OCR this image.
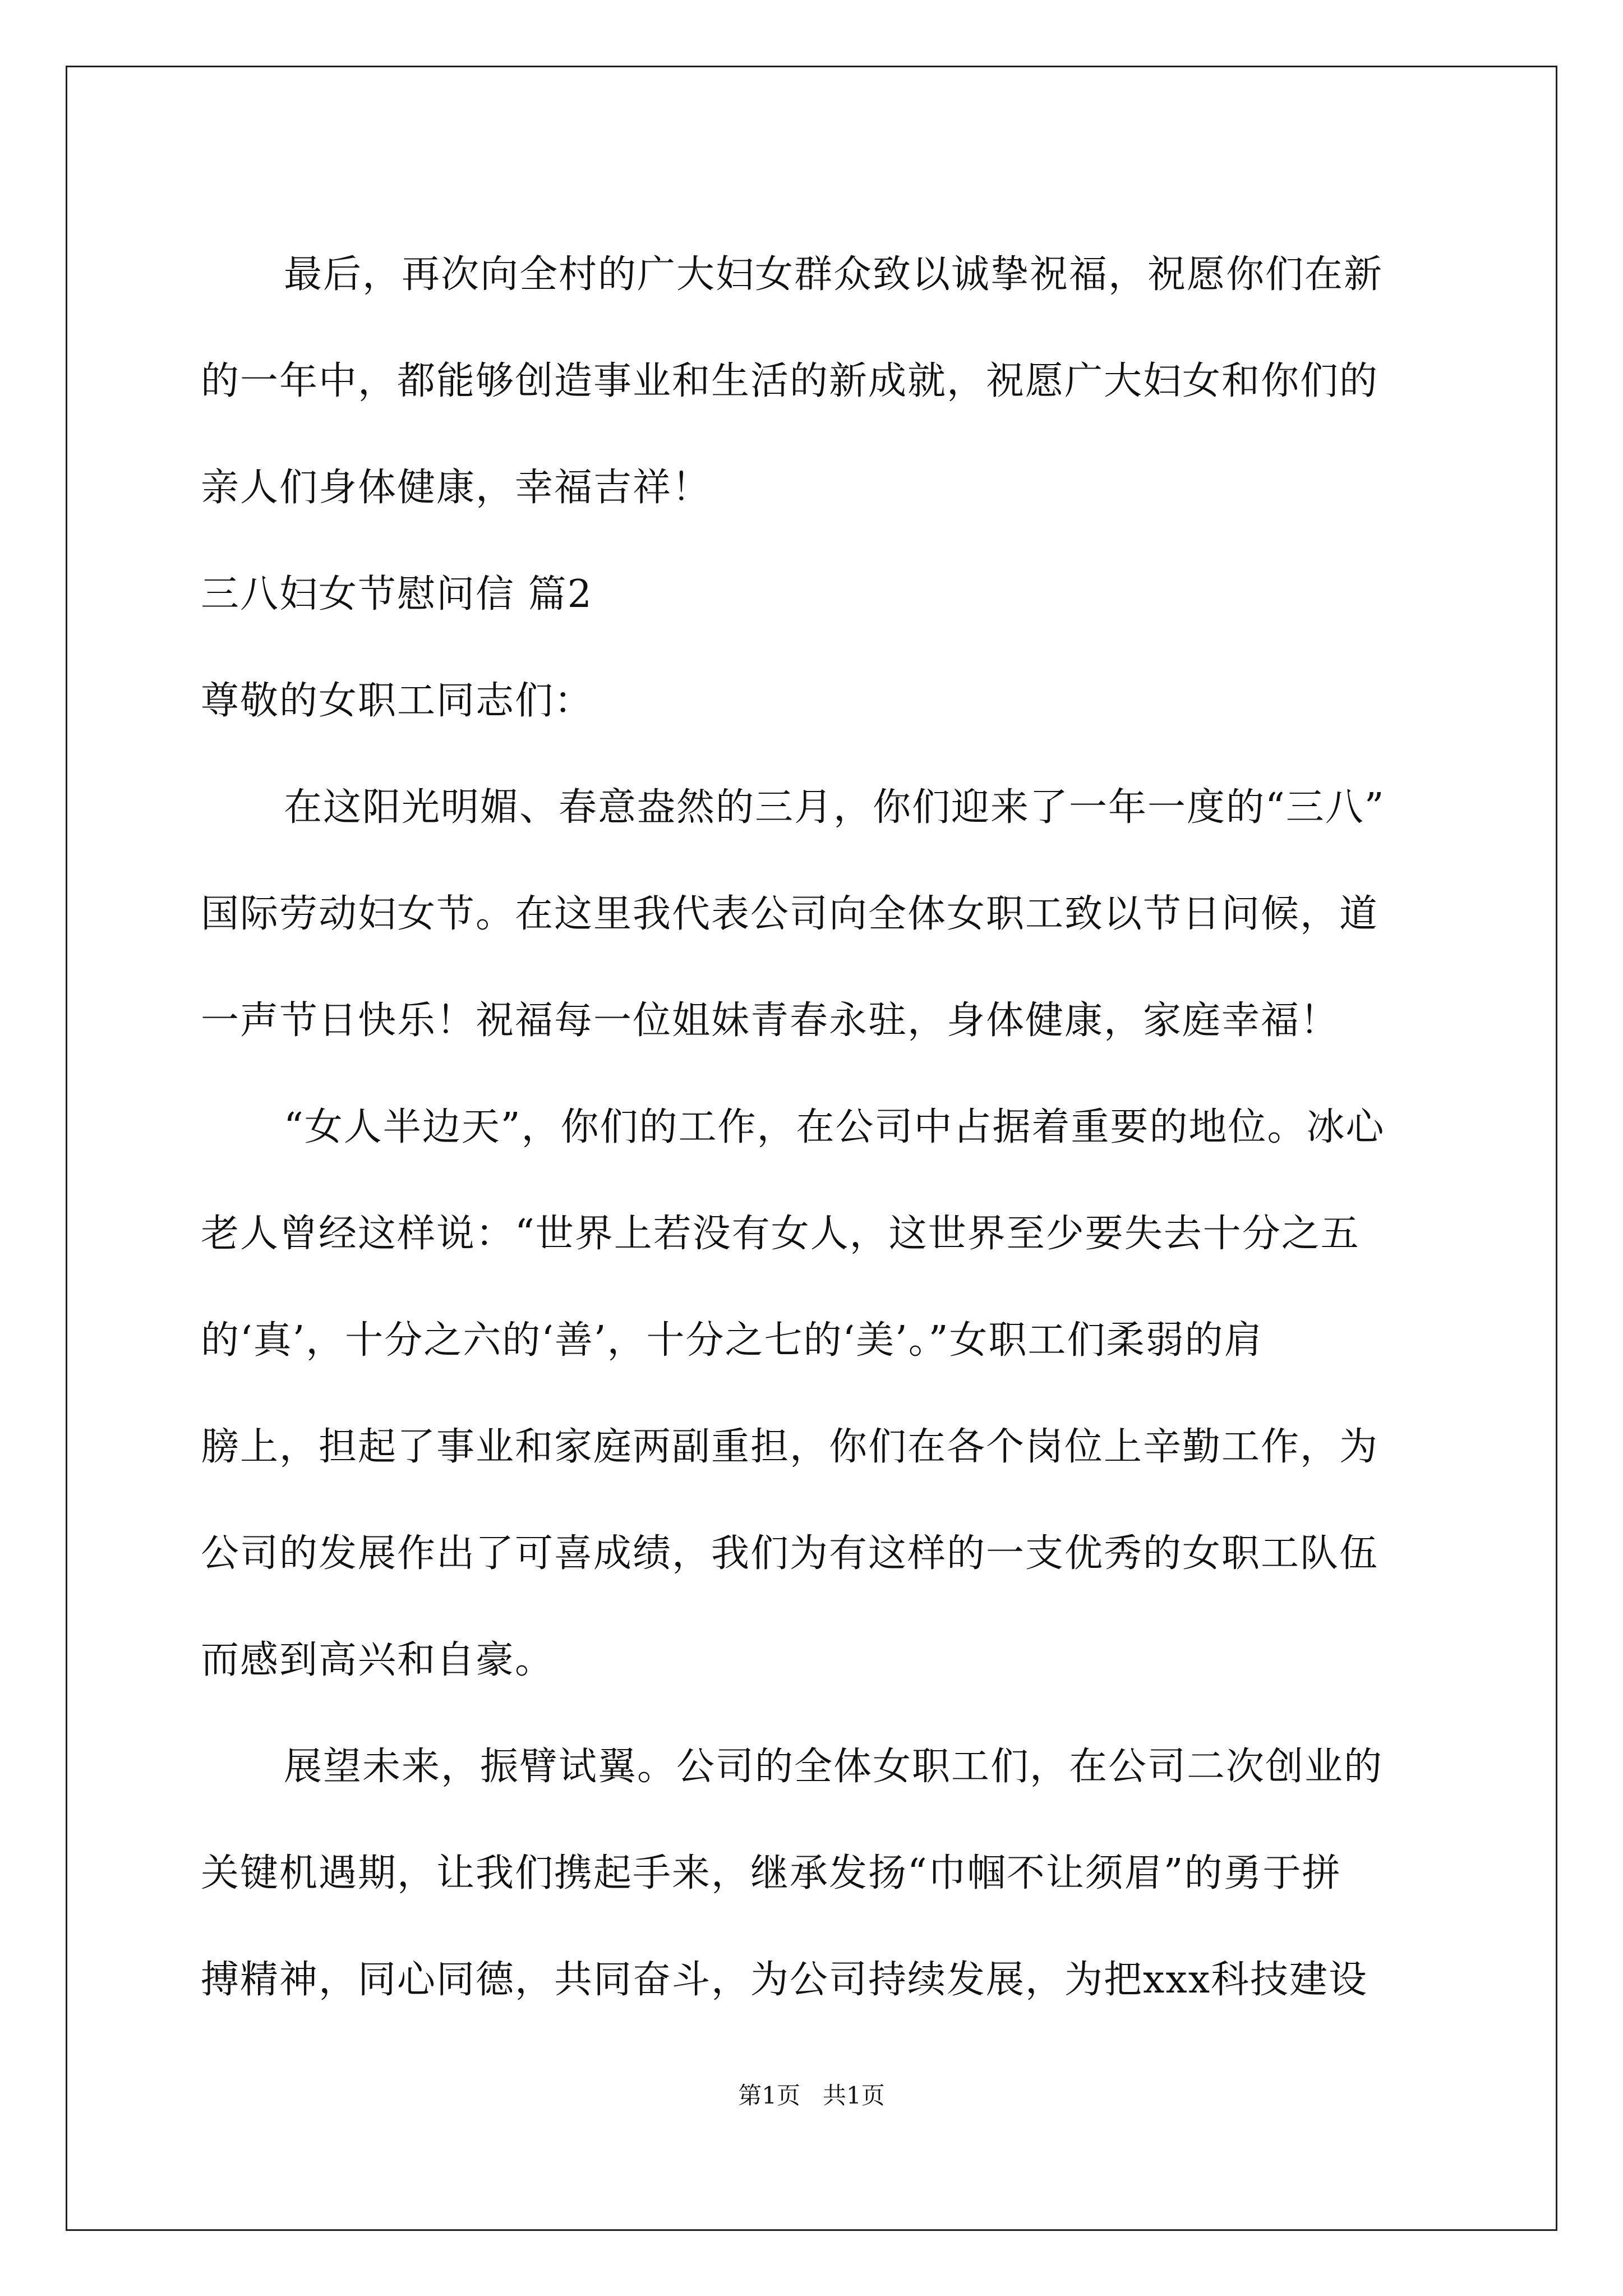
最后，再次向全村的广大妇女群众致以诚挚祝福，祝愿你们在新
的一年中，都能够创造事业和生活的新成就，祝愿广大妇女和你们的
亲人们身体健康，幸福吉祥！
三八妇女节慰问信 篇2
尊敬的女职工同志们：
在这阳光明媚、春意盎然的三月，你们迎来了一年一度的“三八”
国际劳动妇女节。在这里我代表公司向全体女职工致以节日问候，道
一声节日快乐！祝福每一位姐妹青春永驻，身体健康，家庭幸福！
“女人半边天”，你们的工作，在公司中占据着重要的地位。冰心
老人曾经这样说：“世界上若没有女人，这世界至少要失去十分之五
的‘真’，十分之六的‘善’，十分之七的‘美’。”女职工们柔弱的肩
膀上，担起了事业和家庭两副重担，你们在各个岗位上辛勤工作，为
公司的发展作出了可喜成绩，我们为有这样的一支优秀的女职工队伍
而感到高兴和自豪。
展望未来，振臂试翼。公司的全体女职工们，在公司二次创业的
关键机遇期，让我们携起手来，继承发扬“巾帼不让须眉”的勇于拼
搏精神，同心同德，共同奋斗，为公司持续发展，为把xxx科技建设
第1页   共1页
